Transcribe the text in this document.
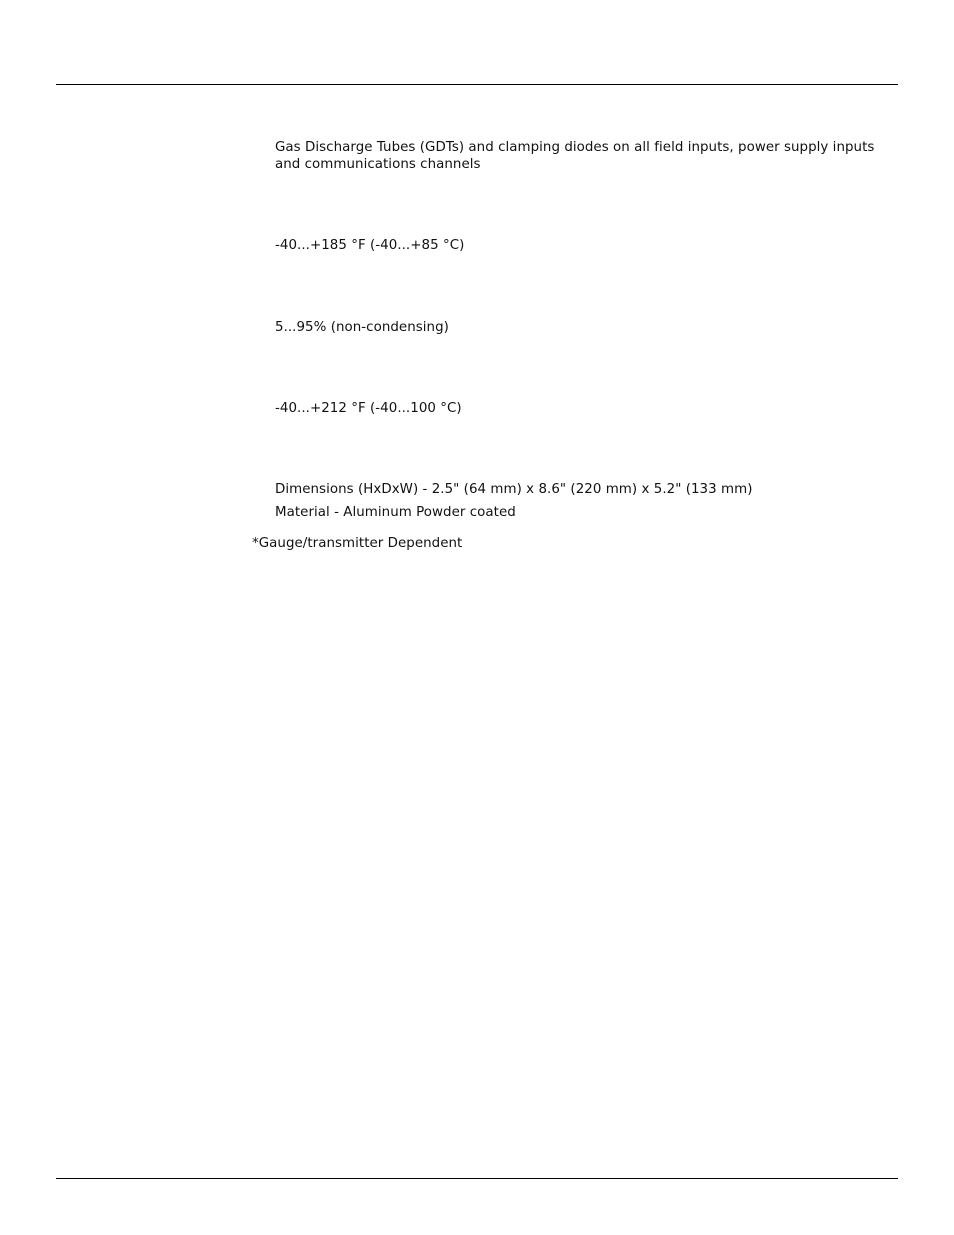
Gas Discharge Tubes (GDTs) and clamping diodes on all field inputs, power supply inputs and communications channels
-40...+185 °F (-40...+85 °C)
5...95% (non-condensing)
-40...+212 °F (-40...100 °C)
Dimensions (HxDxW) - 2.5" (64 mm) x 8.6" (220 mm) x 5.2" (133 mm)
Material - Aluminum Powder coated
*Gauge/transmitter Dependent
